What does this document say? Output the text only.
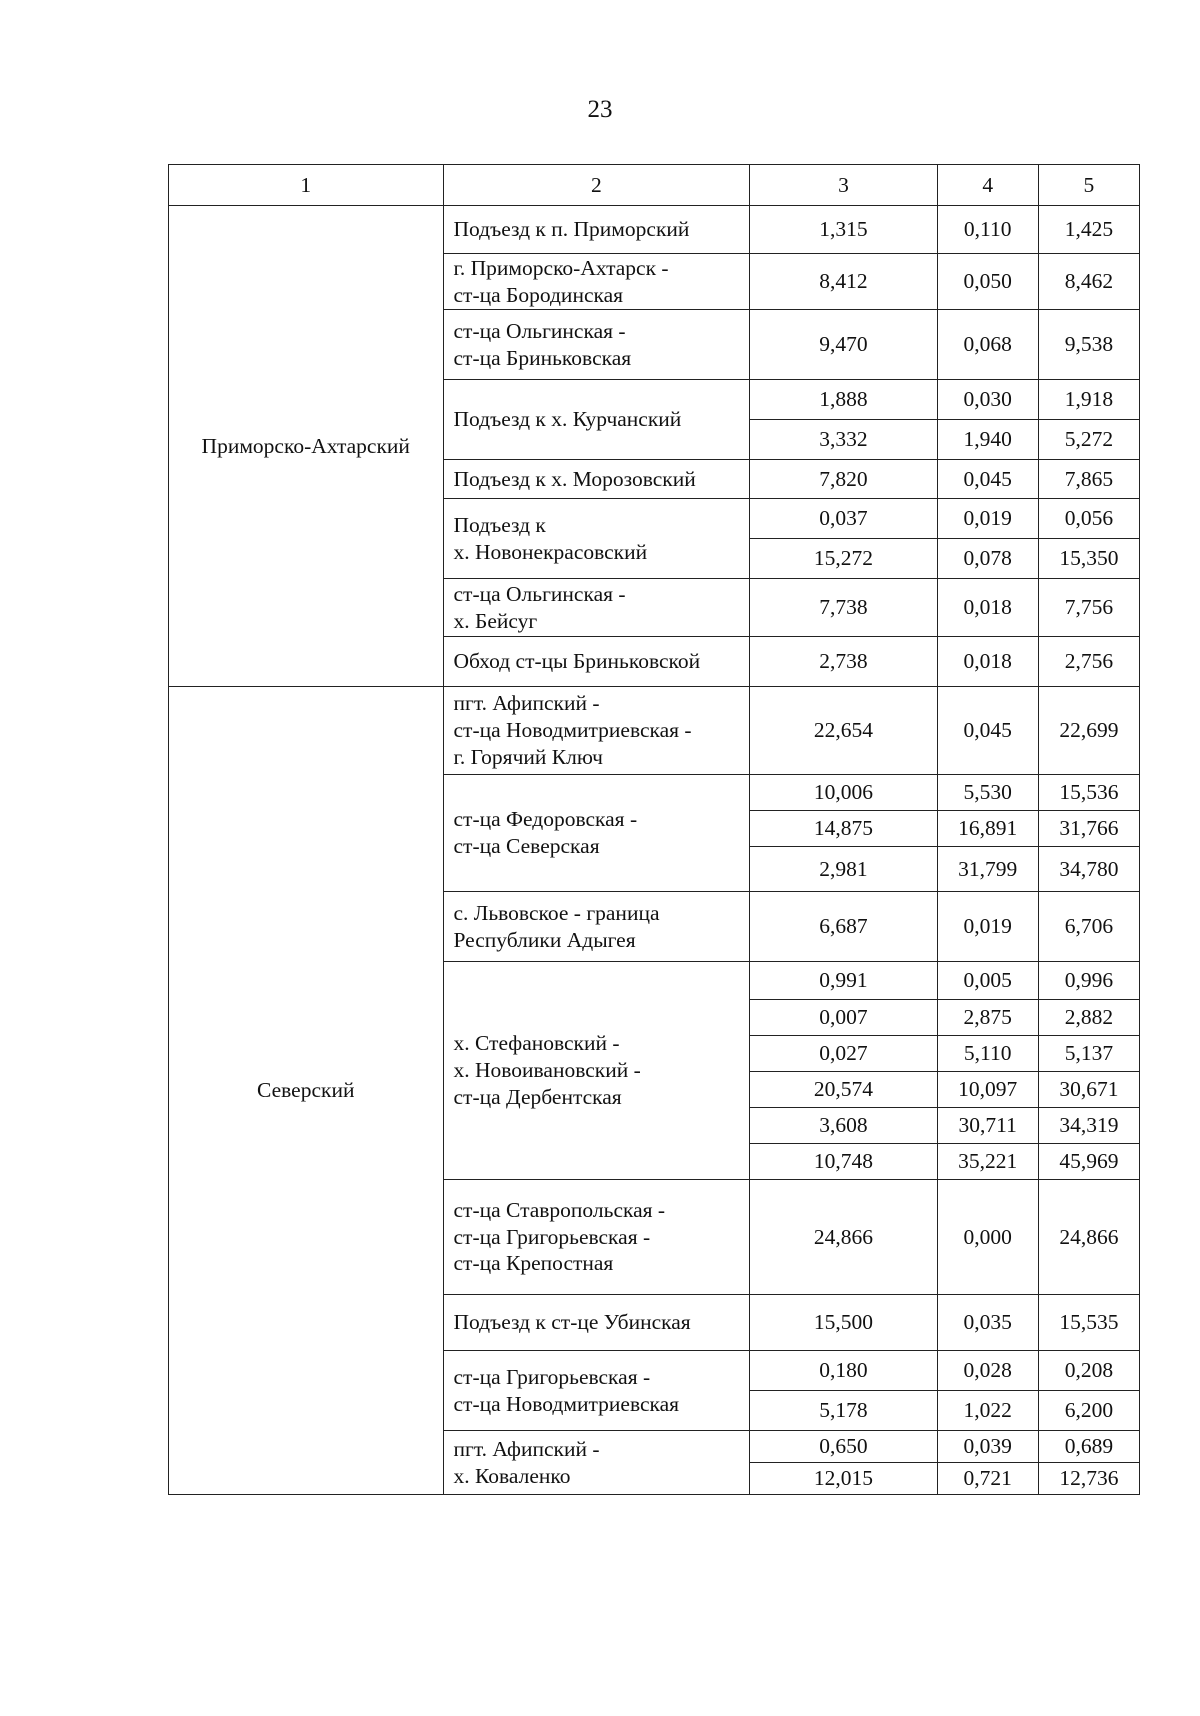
23
1	2	3	4	5
Приморско-Ахтарский	Подъезд к п. Приморский	1,315	0,110	1,425

	г. Приморско-Ахтарск -
ст-ца Бородинская	8,412	0,050	8,462

	ст-ца Ольгинская -
ст-ца Бриньковская	9,470	0,068	9,538

	Подъезд к х. Курчанский	1,888	0,030	1,918
		3,332	1,940	5,272

	Подъезд к х. Морозовский	7,820	0,045	7,865

	Подъезд к
х. Новонекрасовский	0,037	0,019	0,056
		15,272	0,078	15,350

	ст-ца Ольгинская -
х. Бейсуг	7,738	0,018	7,756

	Обход ст-цы Бриньковской	2,738	0,018	2,756
Северский	пгт. Афипский -
ст-ца Новодмитриевская -
г. Горячий Ключ	22,654	0,045	22,699

	ст-ца Федоровская -
ст-ца Северская	10,006	5,530	15,536
		14,875	16,891	31,766
		2,981	31,799	34,780

	с. Львовское - граница
Республики Адыгея	6,687	0,019	6,706

	х. Стефановский -
х. Новоивановский -
ст-ца Дербентская	0,991	0,005	0,996
		0,007	2,875	2,882
		0,027	5,110	5,137
		20,574	10,097	30,671
		3,608	30,711	34,319
		10,748	35,221	45,969

	ст-ца Ставропольская -
ст-ца Григорьевская -
ст-ца Крепостная	24,866	0,000	24,866

	Подъезд к ст-це Убинская	15,500	0,035	15,535

	ст-ца Григорьевская -
ст-ца Новодмитриевская	0,180	0,028	0,208
		5,178	1,022	6,200

	пгт. Афипский -
х. Коваленко	0,650	0,039	0,689
		12,015	0,721	12,736
